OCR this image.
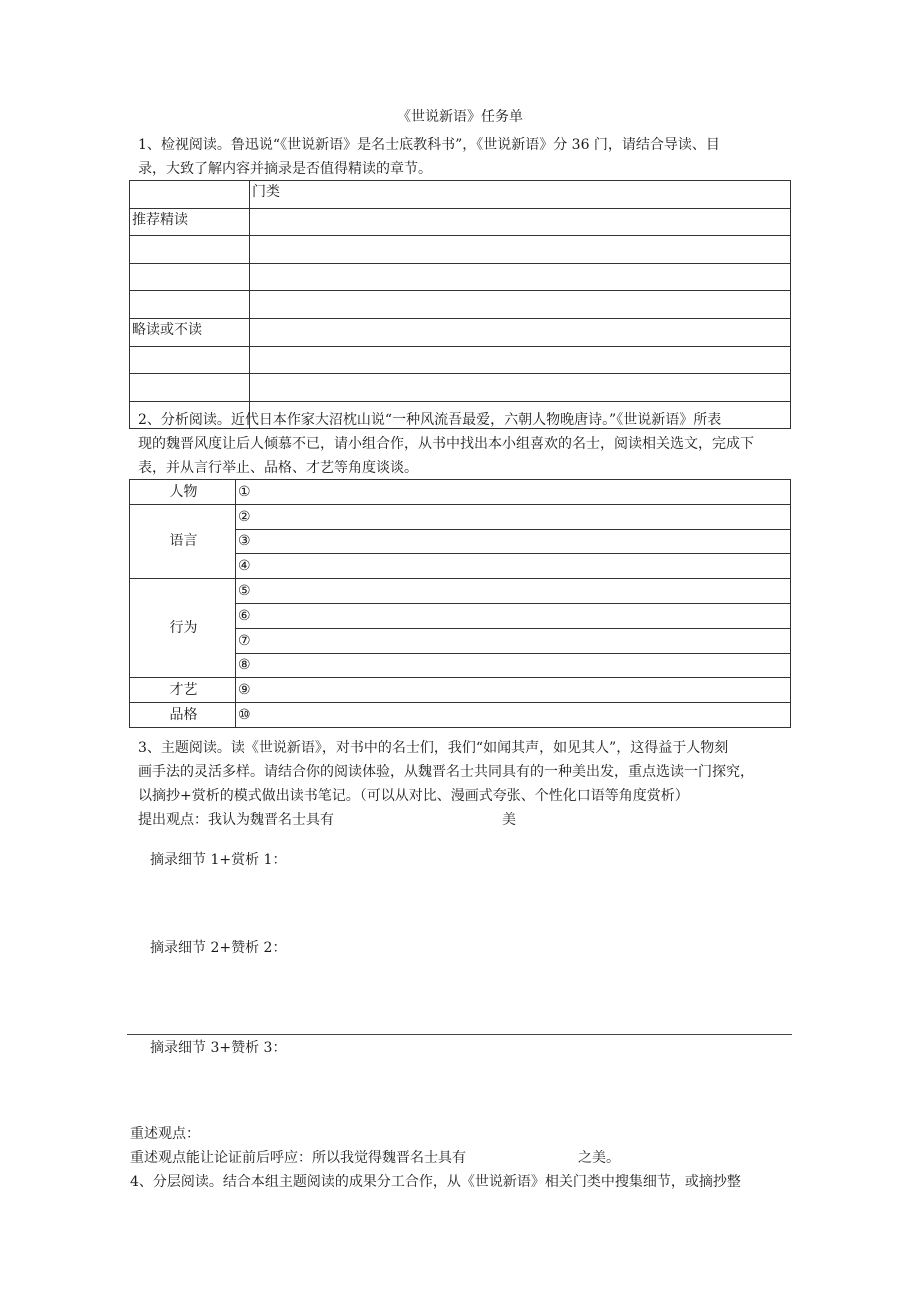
《世说新语》任务单
1、检视阅读。鲁迅说“《世说新语》是名士底教科书”，《世说新语》分 36 门，请结合导读、目
录，大致了解内容并摘录是否值得精读的章节。
	门类
推荐精读	

略读或不读	

2、分析阅读。近代日本作家大沼枕山说“一种风流吾最爱，六朝人物晚唐诗。”《世说新语》所表
现的魏晋风度让后人倾慕不已，请小组合作，从书中找出本小组喜欢的名士，阅读相关选文，完成下
表，并从言行举止、品格、才艺等角度谈谈。
人物	①
语言	②
	③
	④
行为	⑤
	⑥
	⑦
	⑧
才艺	⑨
品格	⑩
3、主题阅读。读《世说新语》，对书中的名士们，我们“如闻其声，如见其人”，这得益于人物刻
画手法的灵活多样。请结合你的阅读体验，从魏晋名士共同具有的一种美出发，重点选读一门探究，
以摘抄+赏析的模式做出读书笔记。（可以从对比、漫画式夸张、个性化口语等角度赏析）
提出观点：我认为魏晋名士具有	美
摘录细节 1+赏析 1：
摘录细节 2+赞析 2：
摘录细节 3+赞析 3：
重述观点：
重述观点能让论证前后呼应：所以我觉得魏晋名士具有	之美。
4、分层阅读。结合本组主题阅读的成果分工合作，从《世说新语》相关门类中搜集细节，或摘抄整
